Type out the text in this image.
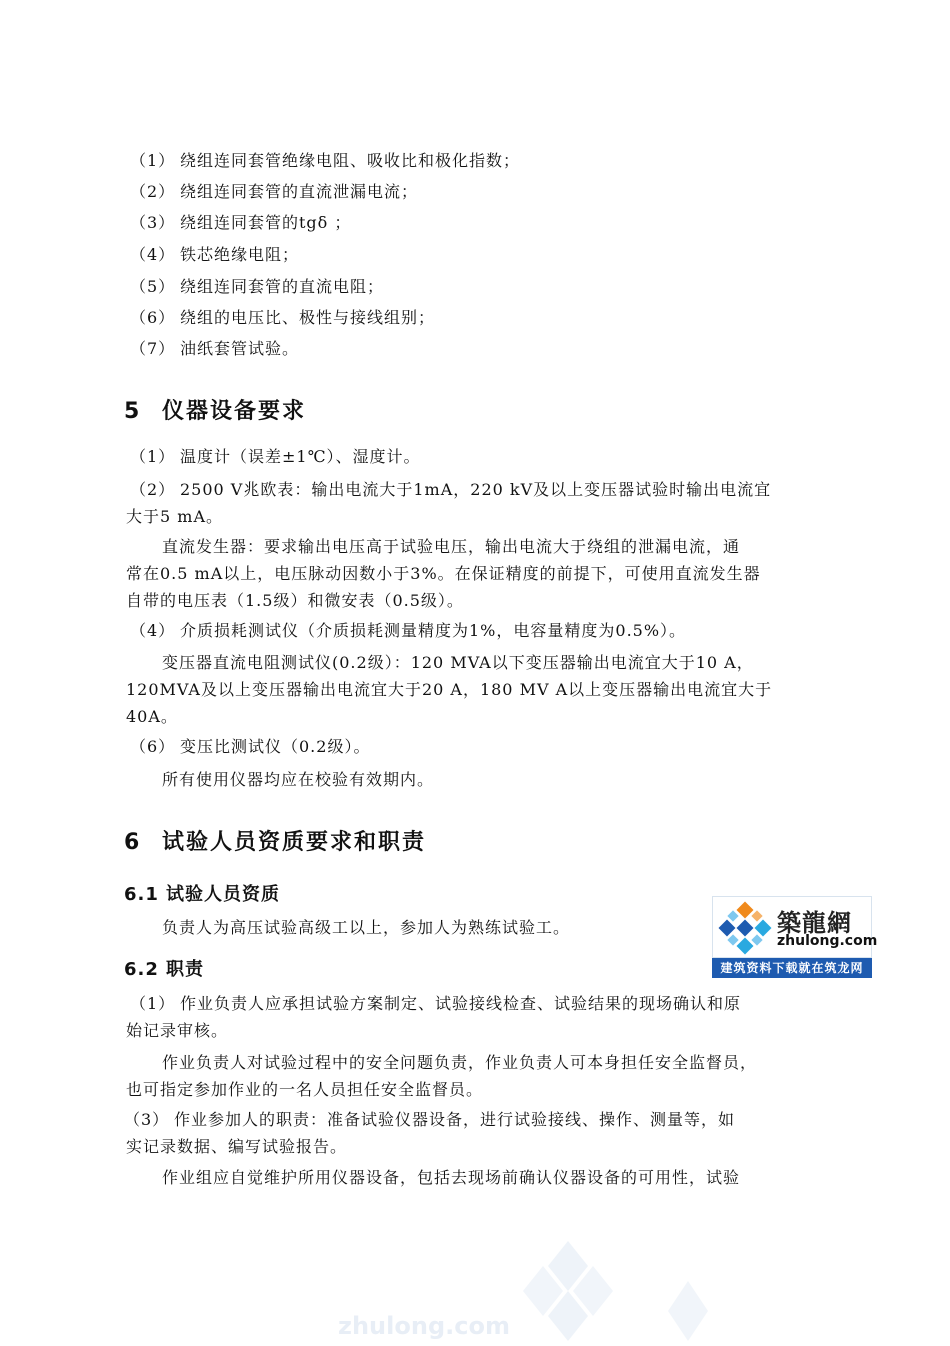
（1） 绕组连同套管绝缘电阻、吸收比和极化指数；
（2） 绕组连同套管的直流泄漏电流；
（3） 绕组连同套管的tgδ ；
（4） 铁芯绝缘电阻；
（5） 绕组连同套管的直流电阻；
（6） 绕组的电压比、极性与接线组别；
（7） 油纸套管试验。
5 仪器设备要求
（1） 温度计（误差±1℃）、湿度计。
（2） 2500 V兆欧表：输出电流大于1mA，220 kV及以上变压器试验时输出电流宜
大于5 mA。
直流发生器：要求输出电压高于试验电压，输出电流大于绕组的泄漏电流，通
常在0.5 mA以上，电压脉动因数小于3%。在保证精度的前提下，可使用直流发生器
自带的电压表（1.5级）和微安表（0.5级）。
（4） 介质损耗测试仪（介质损耗测量精度为1%，电容量精度为0.5%）。
变压器直流电阻测试仪(0.2级）：120 MVA以下变压器输出电流宜大于10 A，
120MVA及以上变压器输出电流宜大于20 A，180 MV A以上变压器输出电流宜大于
40A。
（6） 变压比测试仪（0.2级）。
所有使用仪器均应在校验有效期内。
6 试验人员资质要求和职责
6.1 试验人员资质
负责人为高压试验高级工以上，参加人为熟练试验工。
6.2 职责
（1） 作业负责人应承担试验方案制定、试验接线检查、试验结果的现场确认和原
始记录审核。
作业负责人对试验过程中的安全问题负责，作业负责人可本身担任安全监督员，
也可指定参加作业的一名人员担任安全监督员。
（3） 作业参加人的职责：准备试验仪器设备，进行试验接线、操作、测量等，如
实记录数据、编写试验报告。
作业组应自觉维护所用仪器设备，包括去现场前确认仪器设备的可用性，试验
築龍網
zhulong.com
建筑资料下载就在筑龙网
zhulong.com
